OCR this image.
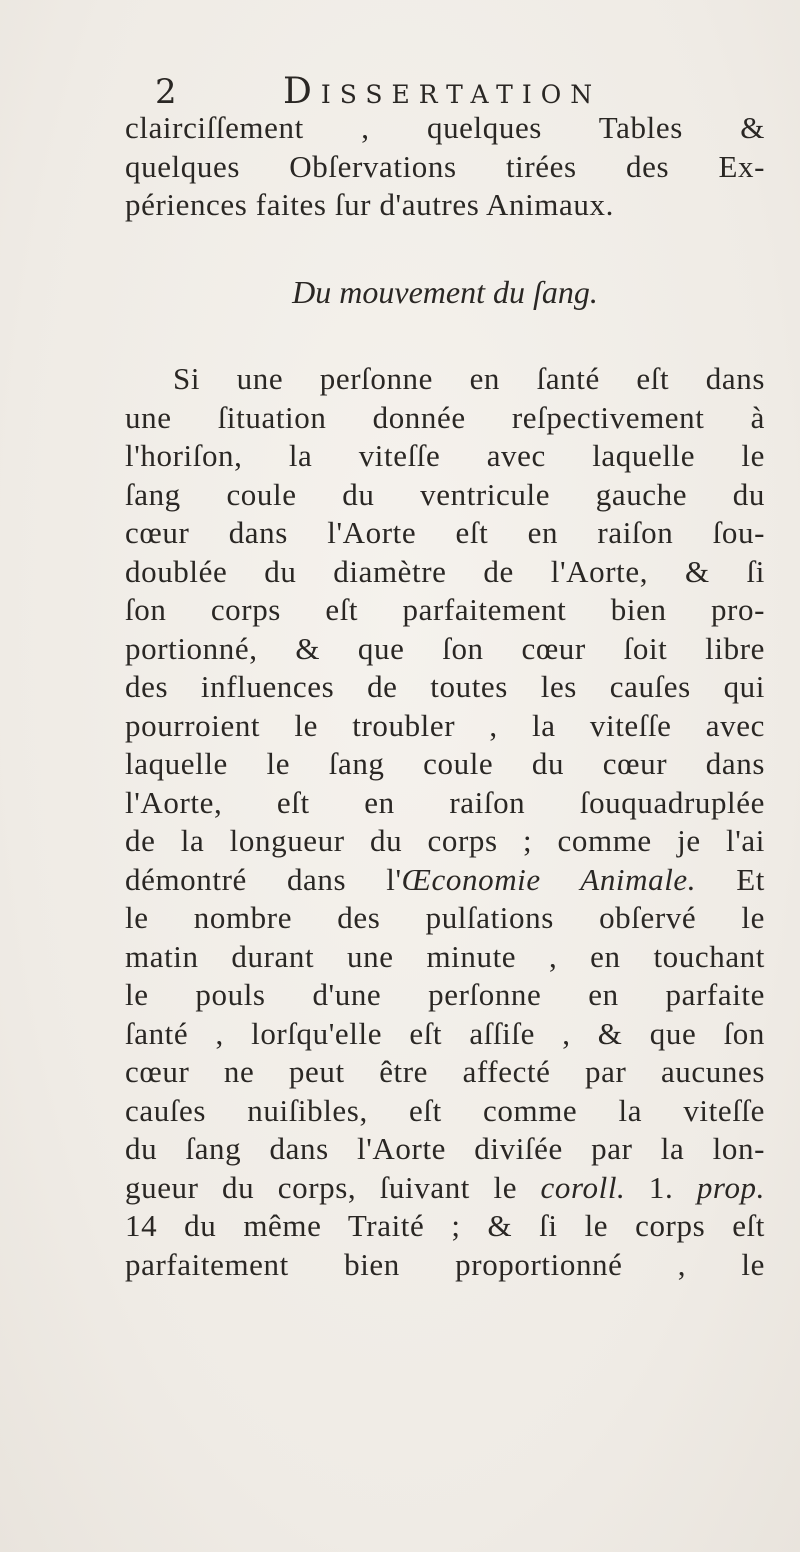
2	Dissertation
clairciſſement , quelques Tables &
quelques Obſervations tirées des Ex-
périences faites ſur d'autres Animaux.
Du mouvement du ſang.
Si une perſonne en ſanté eſt dans
une ſituation donnée reſpectivement à
l'horiſon, la viteſſe avec laquelle le
ſang coule du ventricule gauche du
cœur dans l'Aorte eſt en raiſon ſou-
doublée du diamètre de l'Aorte, & ſi
ſon corps eſt parfaitement bien pro-
portionné, & que ſon cœur ſoit libre
des influences de toutes les cauſes qui
pourroient le troubler , la viteſſe avec
laquelle le ſang coule du cœur dans
l'Aorte, eſt en raiſon ſouquadruplée
de la longueur du corps ; comme je l'ai
démontré dans l'Œconomie Animale. Et
le nombre des pulſations obſervé le
matin durant une minute , en touchant
le pouls d'une perſonne en parfaite
ſanté , lorſqu'elle eſt aſſiſe , & que ſon
cœur ne peut être affecté par aucunes
cauſes nuiſibles, eſt comme la viteſſe
du ſang dans l'Aorte diviſée par la lon-
gueur du corps, ſuivant le coroll. 1. prop.
14 du même Traité ; & ſi le corps eſt
parfaitement bien proportionné , le
